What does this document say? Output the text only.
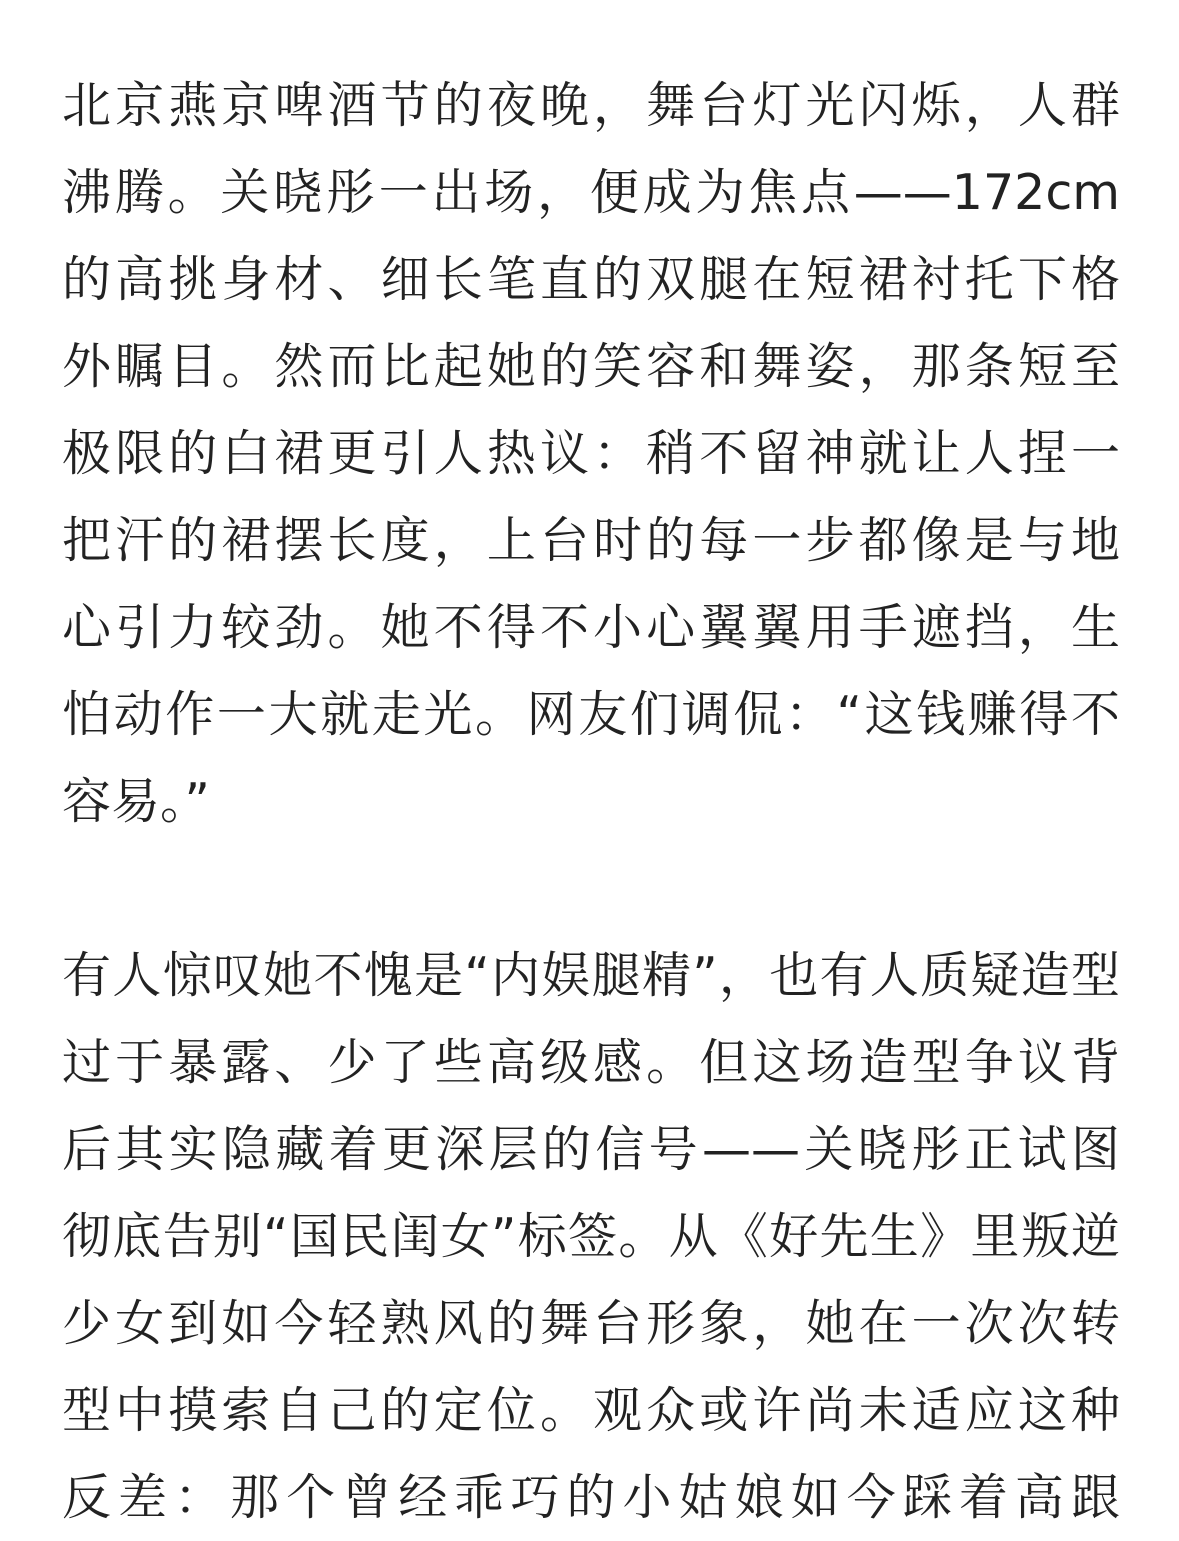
北京燕京啤酒节的夜晚，舞台灯光闪烁，人群
沸腾。关晓彤一出场，便成为焦点——172cm
的高挑身材、细长笔直的双腿在短裙衬托下格
外瞩目。然而比起她的笑容和舞姿，那条短至
极限的白裙更引人热议：稍不留神就让人捏一
把汗的裙摆长度，上台时的每一步都像是与地
心引力较劲。她不得不小心翼翼用手遮挡，生
怕动作一大就走光。网友们调侃：“这钱赚得不
容易。”
有人惊叹她不愧是“内娱腿精”，也有人质疑造型
过于暴露、少了些高级感。但这场造型争议背
后其实隐藏着更深层的信号——关晓彤正试图
彻底告别“国民闺女”标签。从《好先生》里叛逆
少女到如今轻熟风的舞台形象，她在一次次转
型中摸索自己的定位。观众或许尚未适应这种
反差：那个曾经乖巧的小姑娘如今踩着高跟
